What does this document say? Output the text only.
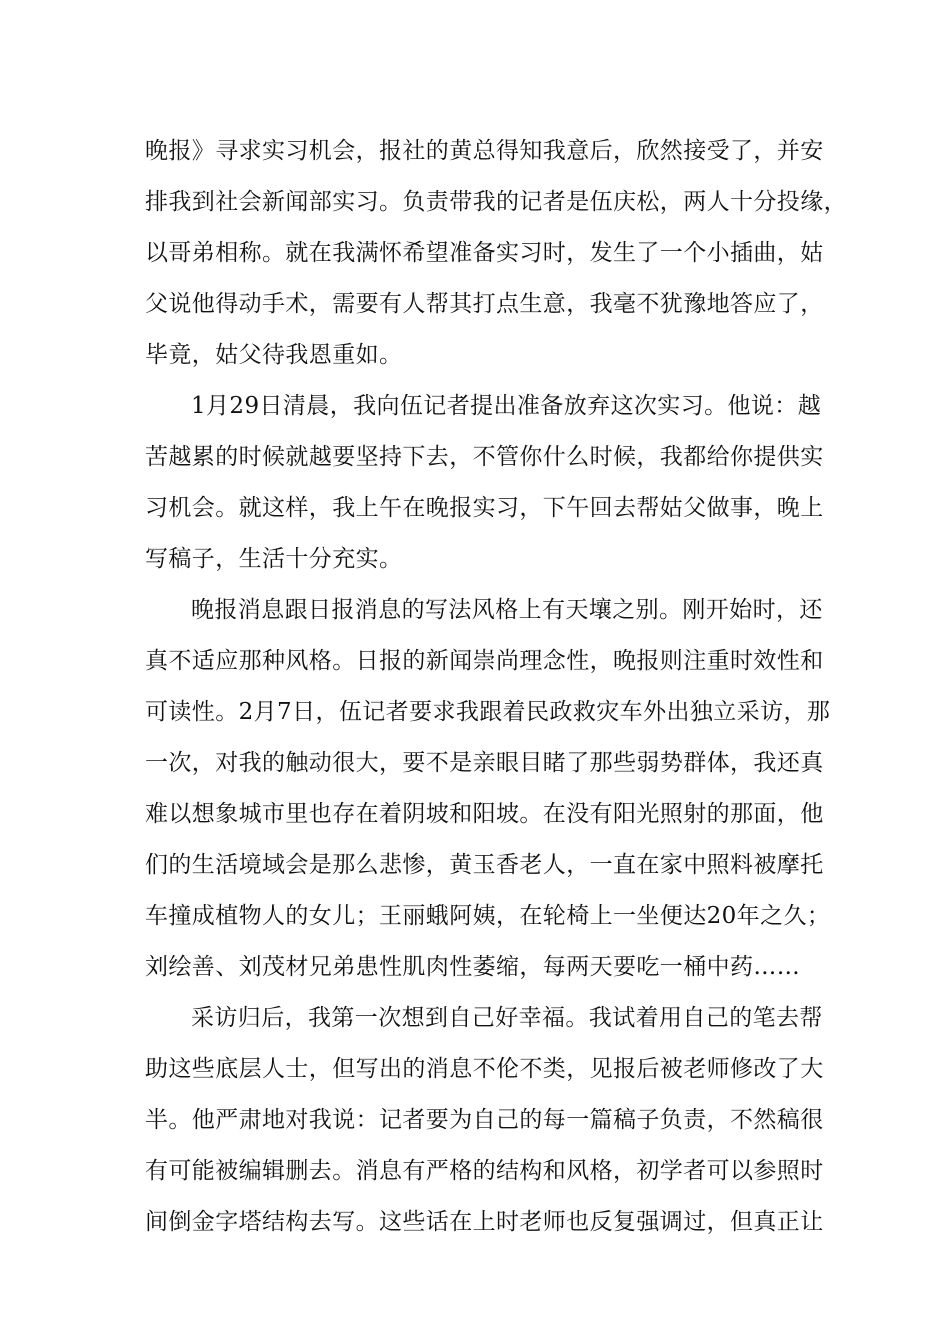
晚报》寻求实习机会，报社的黄总得知我意后，欣然接受了，并安
排我到社会新闻部实习。负责带我的记者是伍庆松，两人十分投缘，
以哥弟相称。就在我满怀希望准备实习时，发生了一个小插曲，姑
父说他得动手术，需要有人帮其打点生意，我毫不犹豫地答应了，
毕竟，姑父待我恩重如。
1月29日清晨，我向伍记者提出准备放弃这次实习。他说：越
苦越累的时候就越要坚持下去，不管你什么时候，我都给你提供实
习机会。就这样，我上午在晚报实习，下午回去帮姑父做事，晚上
写稿子，生活十分充实。
晚报消息跟日报消息的写法风格上有天壤之别。刚开始时，还
真不适应那种风格。日报的新闻崇尚理念性，晚报则注重时效性和
可读性。2月7日，伍记者要求我跟着民政救灾车外出独立采访，那
一次，对我的触动很大，要不是亲眼目睹了那些弱势群体，我还真
难以想象城市里也存在着阴坡和阳坡。在没有阳光照射的那面，他
们的生活境域会是那么悲惨，黄玉香老人，一直在家中照料被摩托
车撞成植物人的女儿；王丽蛾阿姨，在轮椅上一坐便达20年之久；
刘绘善、刘茂材兄弟患性肌肉性萎缩，每两天要吃一桶中药……
采访归后，我第一次想到自己好幸福。我试着用自己的笔去帮
助这些底层人士，但写出的消息不伦不类，见报后被老师修改了大
半。他严肃地对我说：记者要为自己的每一篇稿子负责，不然稿很
有可能被编辑删去。消息有严格的结构和风格，初学者可以参照时
间倒金字塔结构去写。这些话在上时老师也反复强调过，但真正让
